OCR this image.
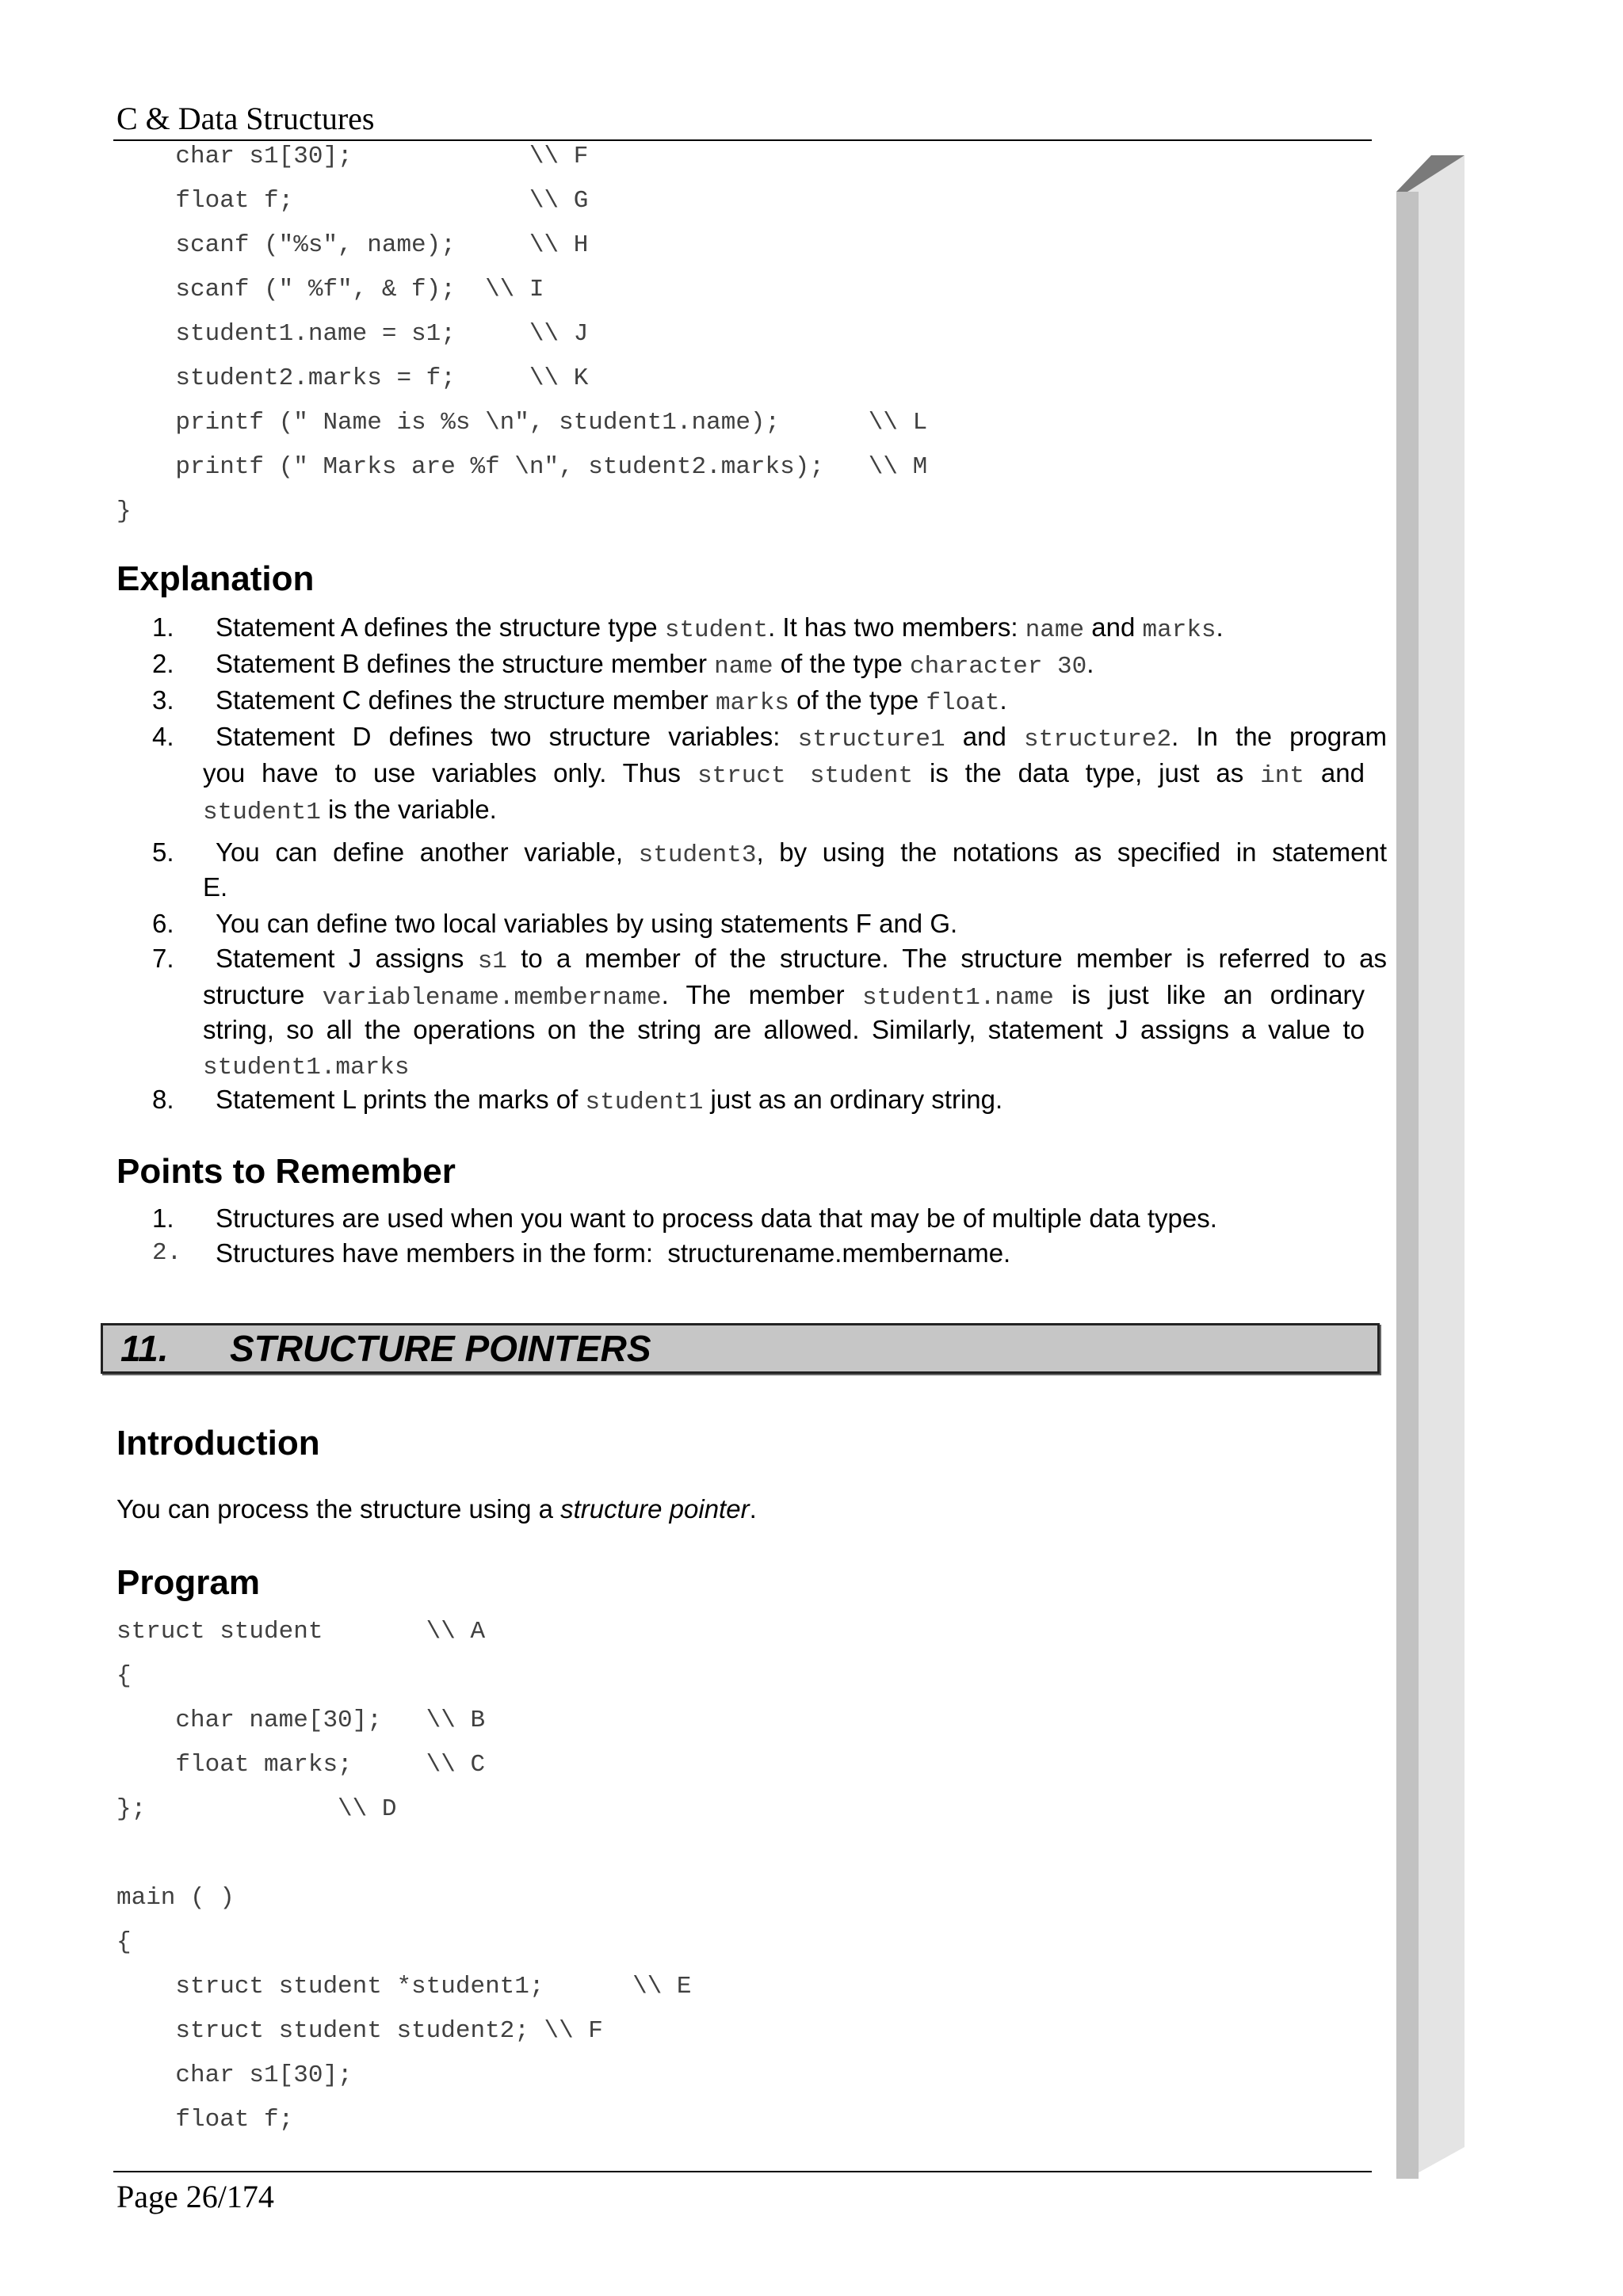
C & Data Structures
char s1[30];            \\ F
float f;                \\ G
scanf ("%s", name);     \\ H
scanf (" %f", & f);  \\ I
student1.name = s1;     \\ J
student2.marks = f;     \\ K
printf (" Name is %s \n", student1.name);      \\ L
printf (" Marks are %f \n", student2.marks);   \\ M
}
Explanation
1. Statement A defines the structure type student. It has two members: name and marks.
2. Statement B defines the structure member name of the type character 30.
3. Statement C defines the structure member marks of the type float.
4. Statement D defines two structure variables: structure1 and structure2. In the program
you have to use variables only. Thus struct student is the data type, just as int and
student1 is the variable.
5. You can define another variable, student3, by using the notations as specified in statement
E.
6. You can define two local variables by using statements F and G.
7. Statement J assigns s1 to a member of the structure. The structure member is referred to as
structure variablename.membername. The member student1.name is just like an ordinary
string, so all the operations on the string are allowed. Similarly, statement J assigns a value to
student1.marks
8. Statement L prints the marks of student1 just as an ordinary string.
Points to Remember
1. Structures are used when you want to process data that may be of multiple data types.
2. Structures have members in the form:  structurename.membername.
11. STRUCTURE POINTERS
Introduction
You can process the structure using a structure pointer.
Program
struct student       \\ A
{
char name[30];   \\ B
float marks;     \\ C
};             \\ D
main ( )
{
struct student *student1;      \\ E
struct student student2; \\ F
char s1[30];
float f;
Page 26/174
